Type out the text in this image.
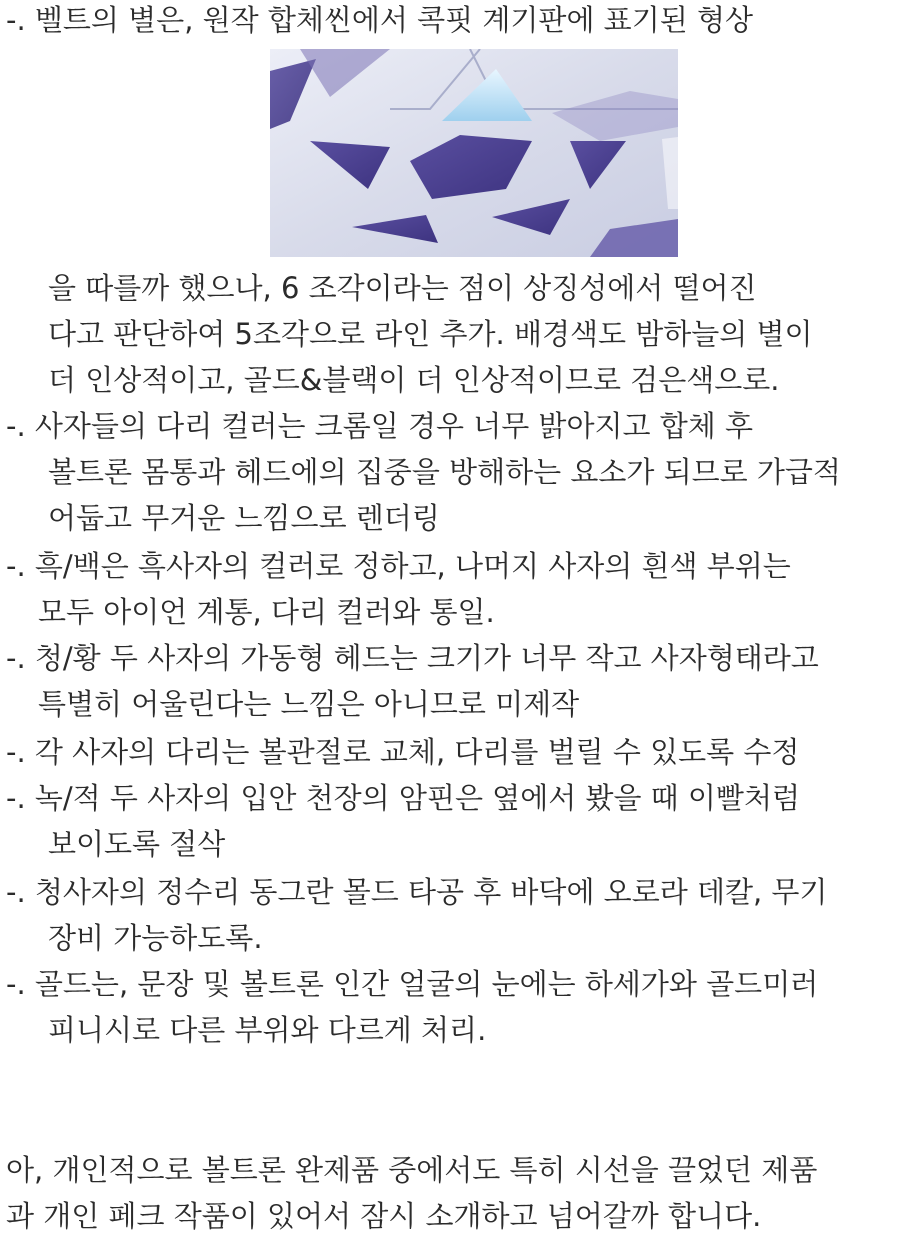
-. 벨트의 별은, 원작 합체씬에서 콕핏 계기판에 표기된 형상
을 따를까 했으나, 6 조각이라는 점이 상징성에서 떨어진
다고 판단하여 5조각으로 라인 추가. 배경색도 밤하늘의 별이
더 인상적이고, 골드&블랙이 더 인상적이므로 검은색으로.
-. 사자들의 다리 컬러는 크롬일 경우 너무 밝아지고 합체 후
볼트론 몸통과 헤드에의 집중을 방해하는 요소가 되므로 가급적
어둡고 무거운 느낌으로 렌더링
-. 흑/백은 흑사자의 컬러로 정하고, 나머지 사자의 흰색 부위는
모두 아이언 계통, 다리 컬러와 통일.
-. 청/황 두 사자의 가동형 헤드는 크기가 너무 작고 사자형태라고
특별히 어울린다는 느낌은 아니므로 미제작
-. 각 사자의 다리는 볼관절로 교체, 다리를 벌릴 수 있도록 수정
-. 녹/적 두 사자의 입안 천장의 암핀은 옆에서 봤을 때 이빨처럼
보이도록 절삭
-. 청사자의 정수리 동그란 몰드 타공 후 바닥에 오로라 데칼, 무기
장비 가능하도록.
-. 골드는, 문장 및 볼트론 인간 얼굴의 눈에는 하세가와 골드미러
피니시로 다른 부위와 다르게 처리.
아, 개인적으로 볼트론 완제품 중에서도 특히 시선을 끌었던 제품
과 개인 페크 작품이 있어서 잠시 소개하고 넘어갈까 합니다.
